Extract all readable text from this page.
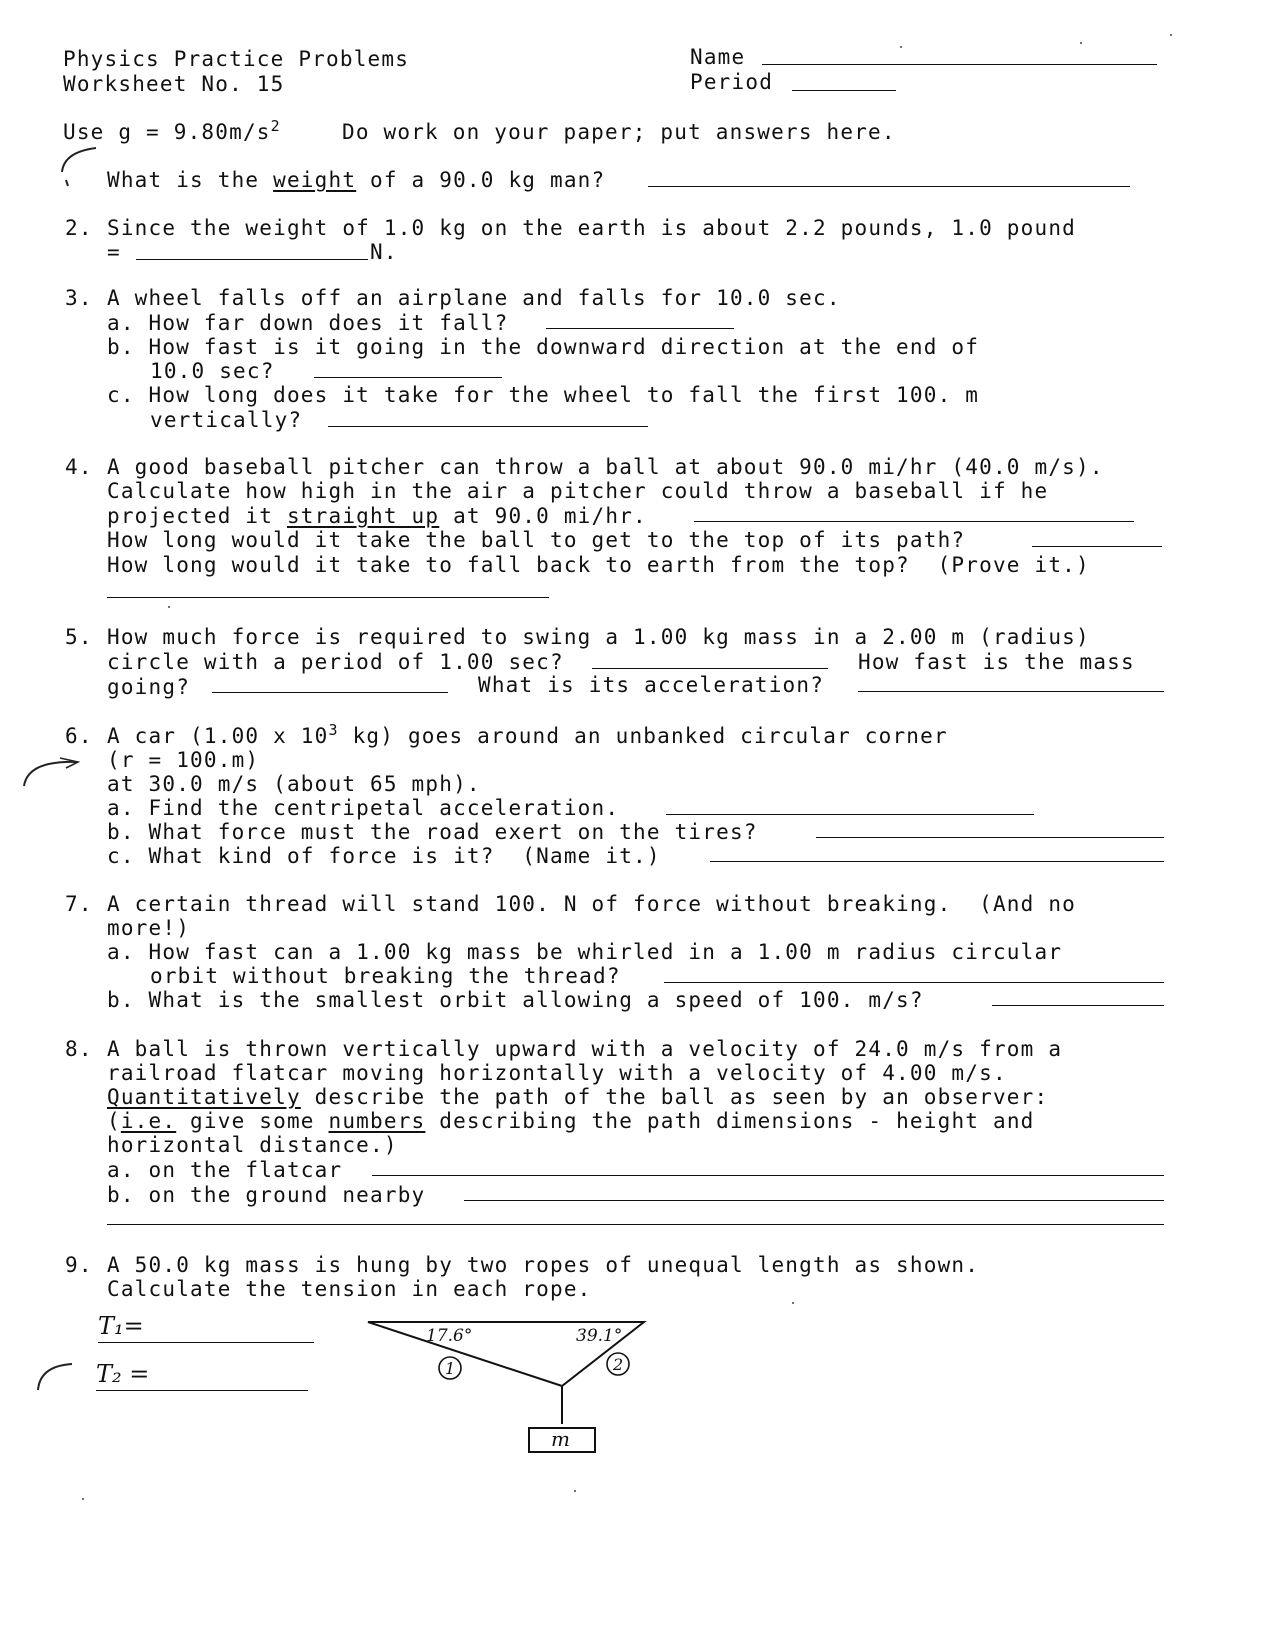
Physics Practice Problems
Worksheet No. 15
Name
Period
Use $g = 9.80m/s^2$	Do work on your paper; put answers here.
What is the weight of a 90.0 kg man?
2. Since the weight of 1.0 kg on the earth is about 2.2 pounds, 1.0 pound
=	N.
3. A wheel falls off an airplane and falls for 10.0 sec.
a. How far down does it fall?
b. How fast is it going in the downward direction at the end of
10.0 sec?
c. How long does it take for the wheel to fall the first 100. m
vertically?
4. A good baseball pitcher can throw a ball at about 90.0 mi/hr (40.0 m/s).
Calculate how high in the air a pitcher could throw a baseball if he
projected it straight up at 90.0 mi/hr.
How long would it take the ball to get to the top of its path?
How long would it take to fall back to earth from the top?  (Prove it.)
5. How much force is required to swing a 1.00 kg mass in a 2.00 m (radius)
circle with a period of 1.00 sec?	How fast is the mass
going?	What is its acceleration?
6. A car (1.00 x $10^3$ kg) goes around an unbanked circular corner
(r = 100.m)
at 30.0 m/s (about 65 mph).
a. Find the centripetal acceleration.
b. What force must the road exert on the tires?
c. What kind of force is it?  (Name it.)
7. A certain thread will stand 100. N of force without breaking.  (And no
more!)
a. How fast can a 1.00 kg mass be whirled in a 1.00 m radius circular
orbit without breaking the thread?
b. What is the smallest orbit allowing a speed of 100. m/s?
8. A ball is thrown vertically upward with a velocity of 24.0 m/s from a
railroad flatcar moving horizontally with a velocity of 4.00 m/s.
Quantitatively describe the path of the ball as seen by an observer:
(i.e. give some numbers describing the path dimensions - height and
horizontal distance.)
a. on the flatcar
b. on the ground nearby
9. A 50.0 kg mass is hung by two ropes of unequal length as shown.
Calculate the tension in each rope.
T₁=
T₂ =
17.6°	39.1°
1	2
m
